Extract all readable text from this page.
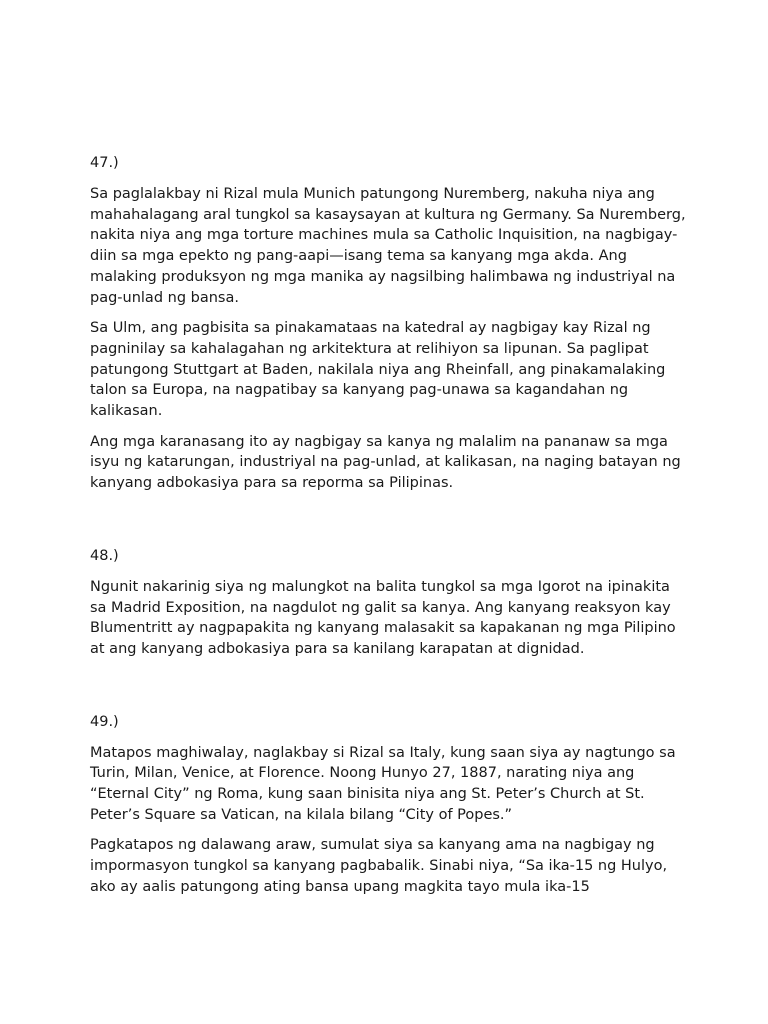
47.)

Sa paglalakbay ni Rizal mula Munich patungong Nuremberg, nakuha niya ang mahahalagang aral tungkol sa kasaysayan at kultura ng Germany. Sa Nuremberg, nakita niya ang mga torture machines mula sa Catholic Inquisition, na nagbigay-diin sa mga epekto ng pang-aapi—isang tema sa kanyang mga akda. Ang malaking produksyon ng mga manika ay nagsilbing halimbawa ng industriyal na pag-unlad ng bansa.

Sa Ulm, ang pagbisita sa pinakamataas na katedral ay nagbigay kay Rizal ng pagninilay sa kahalagahan ng arkitektura at relihiyon sa lipunan. Sa paglipat patungong Stuttgart at Baden, nakilala niya ang Rheinfall, ang pinakamalaking talon sa Europa, na nagpatibay sa kanyang pag-unawa sa kagandahan ng kalikasan.

Ang mga karanasang ito ay nagbigay sa kanya ng malalim na pananaw sa mga isyu ng katarungan, industriyal na pag-unlad, at kalikasan, na naging batayan ng kanyang adbokasiya para sa reporma sa Pilipinas.

48.)

Ngunit nakarinig siya ng malungkot na balita tungkol sa mga Igorot na ipinakita sa Madrid Exposition, na nagdulot ng galit sa kanya. Ang kanyang reaksyon kay Blumentritt ay nagpapakita ng kanyang malasakit sa kapakanan ng mga Pilipino at ang kanyang adbokasiya para sa kanilang karapatan at dignidad.

49.)

Matapos maghiwalay, naglakbay si Rizal sa Italy, kung saan siya ay nagtungo sa Turin, Milan, Venice, at Florence. Noong Hunyo 27, 1887, narating niya ang “Eternal City” ng Roma, kung saan binisita niya ang St. Peter’s Church at St. Peter’s Square sa Vatican, na kilala bilang “City of Popes.”

Pagkatapos ng dalawang araw, sumulat siya sa kanyang ama na nagbigay ng impormasyon tungkol sa kanyang pagbabalik. Sinabi niya, “Sa ika-15 ng Hulyo, ako ay aalis patungong ating bansa upang magkita tayo mula ika-15
